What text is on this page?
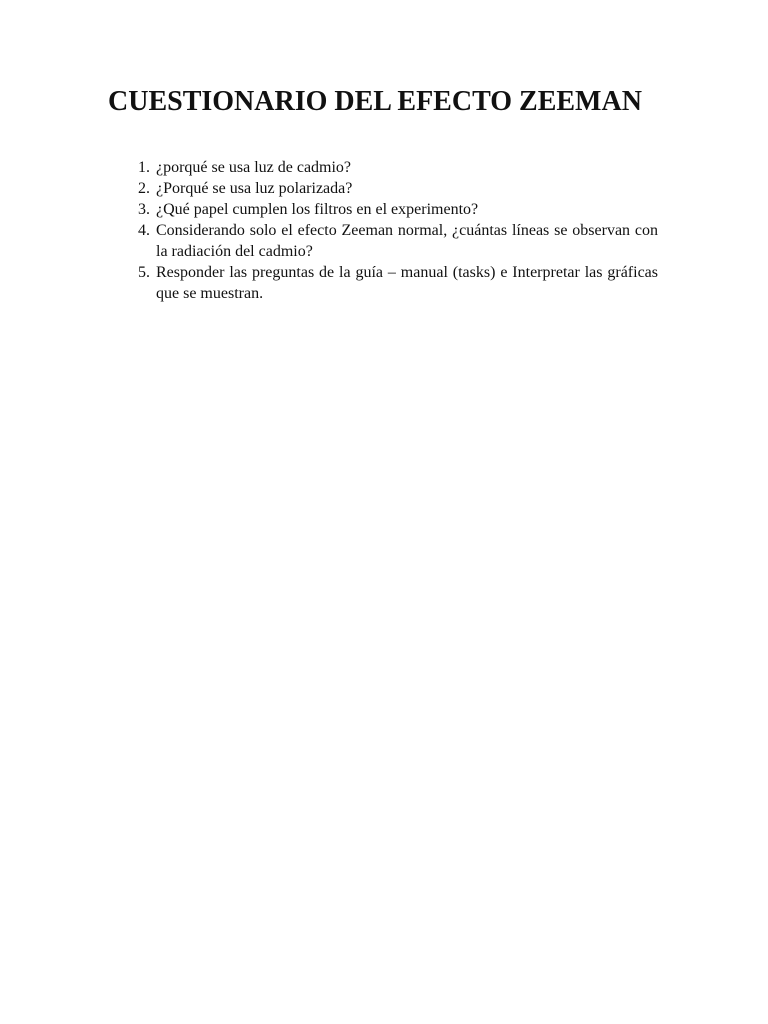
CUESTIONARIO DEL EFECTO ZEEMAN
1. ¿porqué se usa luz de cadmio?
2. ¿Porqué se usa luz polarizada?
3. ¿Qué papel cumplen los filtros en el experimento?
4. Considerando solo el efecto Zeeman normal, ¿cuántas líneas se observan con la radiación del cadmio?
5. Responder las preguntas de la guía – manual (tasks) e Interpretar las gráficas que se muestran.
